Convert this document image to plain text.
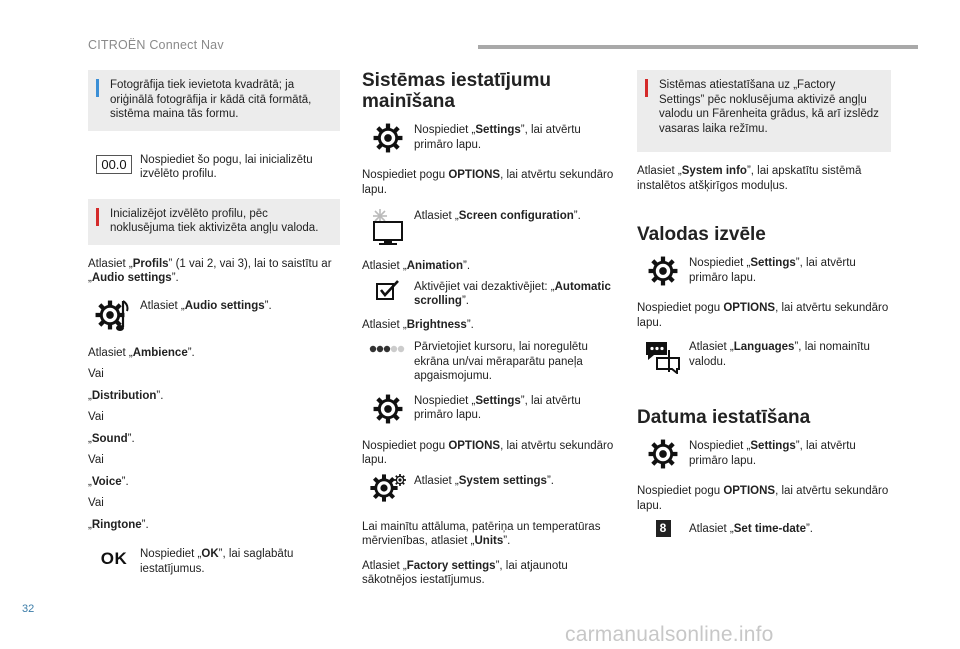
CITROËN Connect Nav
Fotogrāfija tiek ievietota kvadrātā; ja oriģinālā fotogrāfija ir kādā citā formātā, sistēma maina tās formu.
00.0	Nospiediet šo pogu, lai inicializētu izvēlēto profilu.
Inicializējot izvēlēto profilu, pēc noklusējuma tiek aktivizēta angļu valoda.

Atlasiet „Profils” (1 vai 2, vai 3), lai to saistītu ar „Audio settings”.

Atlasiet „Audio settings”.

Atlasiet „Ambience”.

Vai

„Distribution”.

Vai

„Sound”.

Vai

„Voice”.

Vai

„Ringtone”.

OK Nospiediet „OK”, lai saglabātu iestatījumus.
Sistēmas iestatījumu mainīšana
Nospiediet „Settings”, lai atvērtu primāro lapu.

Nospiediet pogu OPTIONS, lai atvērtu sekundāro lapu.

Atlasiet „Screen configuration”.

Atlasiet „Animation”.

Aktivējiet vai dezaktivējiet: „Automatic scrolling”.

Atlasiet „Brightness”.

Pārvietojiet kursoru, lai noregulētu ekrāna un/vai mēraparātu paneļa apgaismojumu.
Nospiediet „Settings”, lai atvērtu primāro lapu.

Nospiediet pogu OPTIONS, lai atvērtu sekundāro lapu.

Atlasiet „System settings”.

Lai mainītu attāluma, patēriņa un temperatūras mērvienības, atlasiet „Units”.

Atlasiet „Factory settings”, lai atjaunotu sākotnējos iestatījumus.

Sistēmas atiestatīšana uz „Factory Settings” pēc noklusējuma aktivizē angļu valodu un Fārenheita grādus, kā arī izslēdz vasaras laika režīmu.

Atlasiet „System info”, lai apskatītu sistēmā instalētos atšķirīgos moduļus.

Valodas izvēle
Nospiediet „Settings”, lai atvērtu primāro lapu.

Nospiediet pogu OPTIONS, lai atvērtu sekundāro lapu.

Atlasiet „Languages”, lai nomainītu valodu.
Datuma iestatīšana
Nospiediet „Settings”, lai atvērtu primāro lapu.

Nospiediet pogu OPTIONS, lai atvērtu sekundāro lapu.

8	Atlasiet „Set time-date”.
32
carmanualsonline.info
